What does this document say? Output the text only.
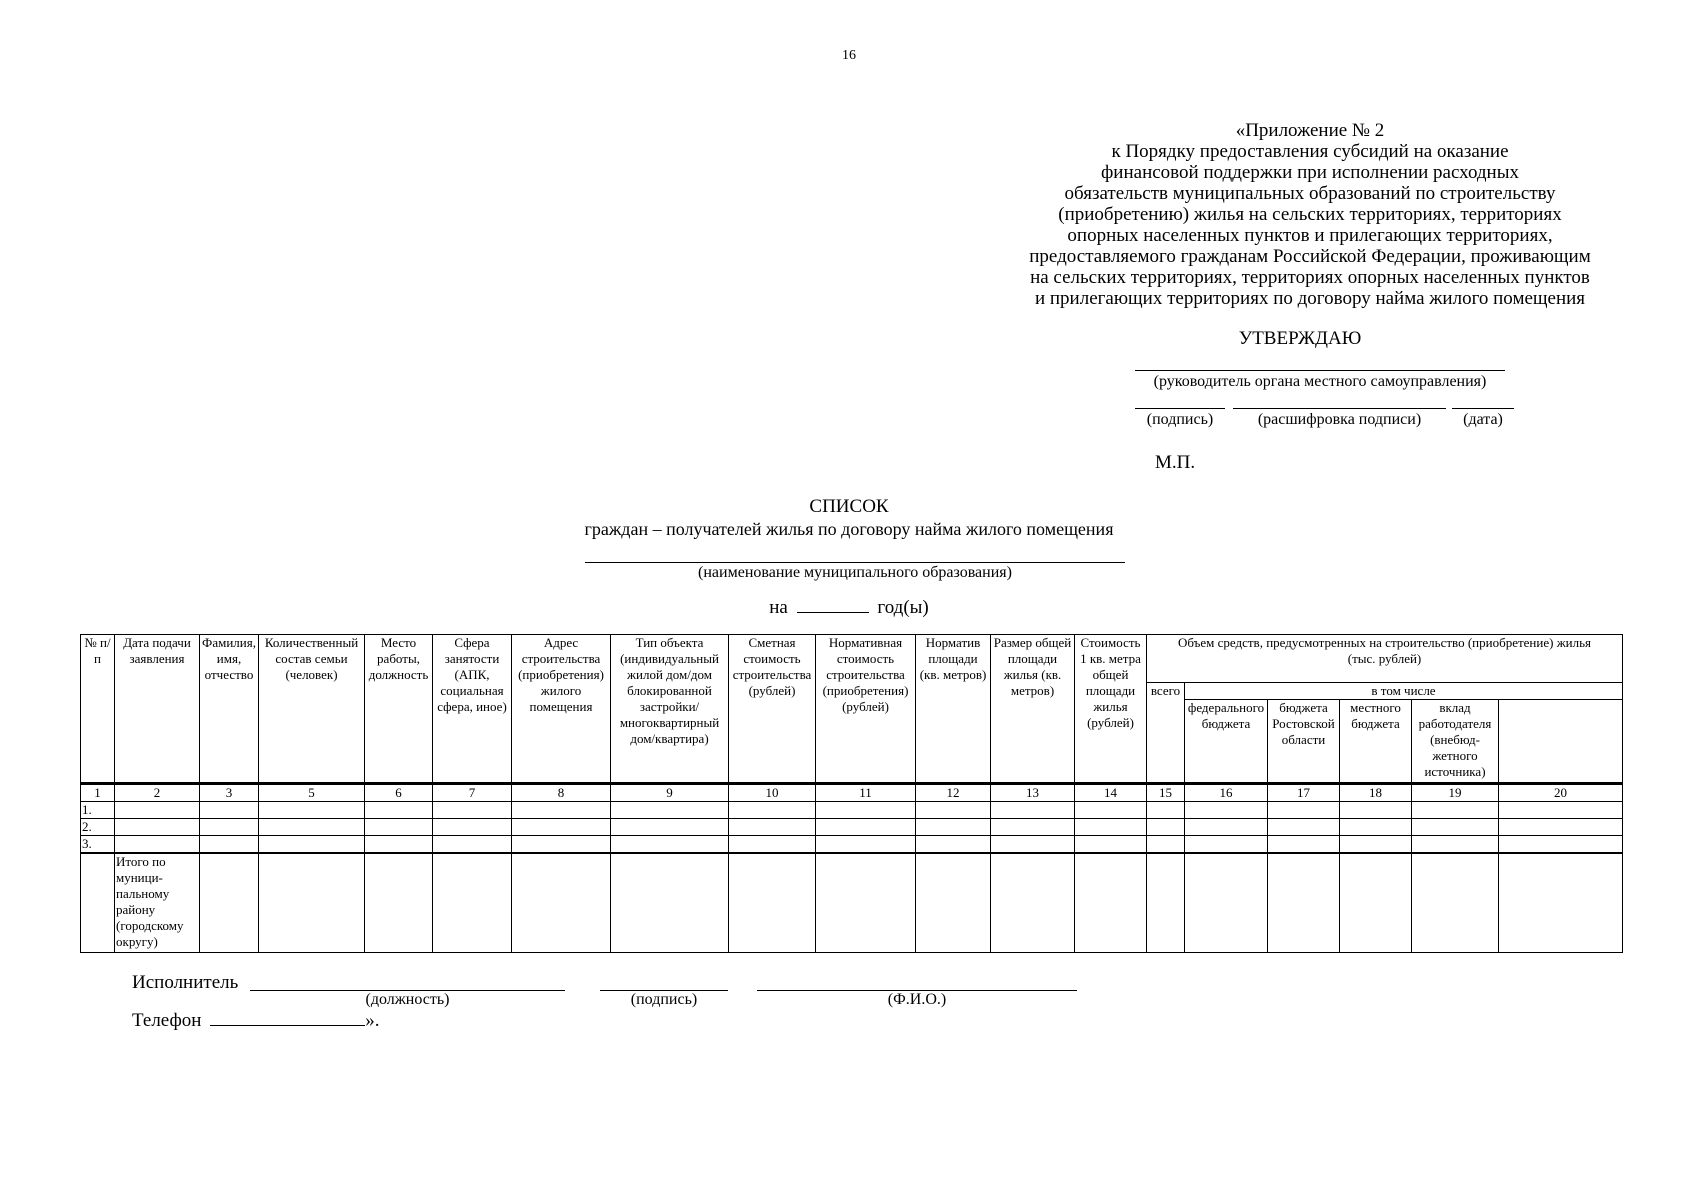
16
«Приложение № 2
к Порядку предоставления субсидий на оказание
финансовой поддержки при исполнении расходных
обязательств муниципальных образований по строительству
(приобретению) жилья на сельских территориях, территориях
опорных населенных пунктов и прилегающих территориях,
предоставляемого гражданам Российской Федерации, проживающим
на сельских территориях, территориях опорных населенных пунктов
и прилегающих территориях по договору найма жилого помещения
УТВЕРЖДАЮ
(руководитель органа местного самоуправления)
(подпись)	(расшифровка подписи)	(дата)
М.П.
СПИСОК
граждан – получателей жилья по договору найма жилого помещения
(наименование муниципального образования)
на	год(ы)
№ п/п	Дата подачи заявления	Фамилия, имя, отчество	Количественный состав семьи (человек)	Место работы, должность	Сфера занятости (АПК, социальная сфера, иное)	Адрес строительства (приобретения) жилого помещения	Тип объекта (индивидуальный жилой дом/дом блокированной застройки/ многоквартирный дом/квартира)	Сметная стоимость строительства (рублей)	Нормативная стоимость строительства (приобретения) (рублей)	Норматив площади (кв. метров)	Размер общей площади жилья (кв. метров)	Стоимость 1 кв. метра общей площади жилья (рублей)	Объем средств, предусмотренных на строительство (приобретение) жилья (тыс. рублей)	
													всего	в том числе					
														федерального бюджета	бюджета Ростовской области	местного бюджета	вклад работодателя (внебюд- жетного источника)		
1	2	3	5	6	7	8	9	10	11	12	13	14	15	16	17	18	19	20	
1.																			
2.																			
3.																			
	Итого по муници- пальному району (городскому округу)																		
Исполнитель
(должность)	(подпись)	(Ф.И.О.)
Телефон	».
